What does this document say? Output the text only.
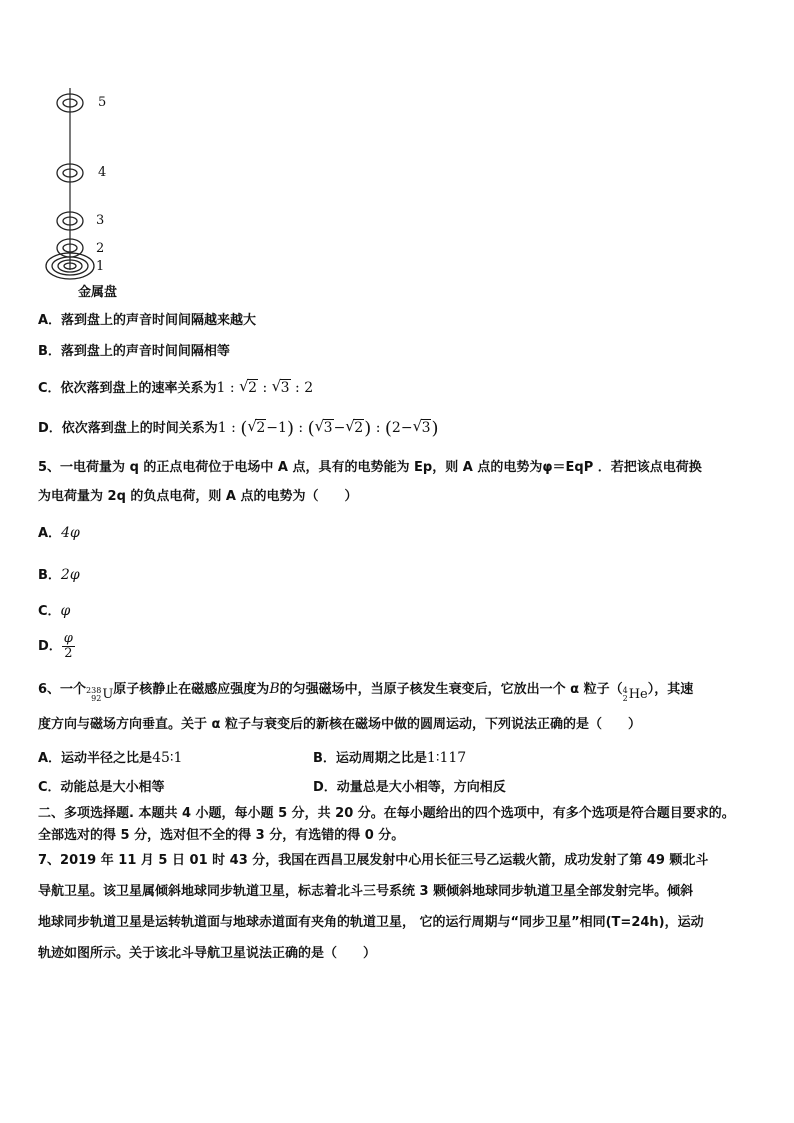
5
4
3
2
1
金属盘
A．落到盘上的声音时间间隔越来越大
B．落到盘上的声音时间间隔相等
C．依次落到盘上的速率关系为1 : √ 2 : √ 3 : 2
D．依次落到盘上的时间关系为1 : ( √ 2−1) : ( √ 3− √ 2) : (2− √ 3)
5、一电荷量为 q 的正点电荷位于电场中 A 点，具有的电势能为 Ep，则 A 点的电势为φ＝EqP ．若把该点电荷换
为电荷量为 2q 的负点电荷，则 A 点的电势为（　　）
A．4φ
B．2φ
C．φ
D． $\frac{\varphi}{2}$
6、一个 238
92 U 原子核静止在磁感应强度为B的匀强磁场中，当原子核发生衰变后，它放出一个 α 粒子（ 4
2 He ），其速
度方向与磁场方向垂直。关于 α 粒子与衰变后的新核在磁场中做的圆周运动，下列说法正确的是（　　）
A．运动半径之比是45∶1	B．运动周期之比是1∶117
C．动能总是大小相等	D．动量总是大小相等，方向相反
二、多项选择题. 本题共 4 小题，每小题 5 分，共 20 分。在每小题给出的四个选项中，有多个选项是符合题目要求的。
全部选对的得 5 分，选对但不全的得 3 分，有选错的得 0 分。
7、2019 年 11 月 5 日 01 时 43 分，我国在西昌卫展发射中心用长征三号乙运载火箭，成功发射了第 49 颗北斗
导航卫星。该卫星属倾斜地球同步轨道卫星，标志着北斗三号系统 3 颗倾斜地球同步轨道卫星全部发射完毕。倾斜
地球同步轨道卫星是运转轨道面与地球赤道面有夹角的轨道卫星， 它的运行周期与“同步卫星”相同(T=24h)，运动
轨迹如图所示。关于该北斗导航卫星说法正确的是（　　）
